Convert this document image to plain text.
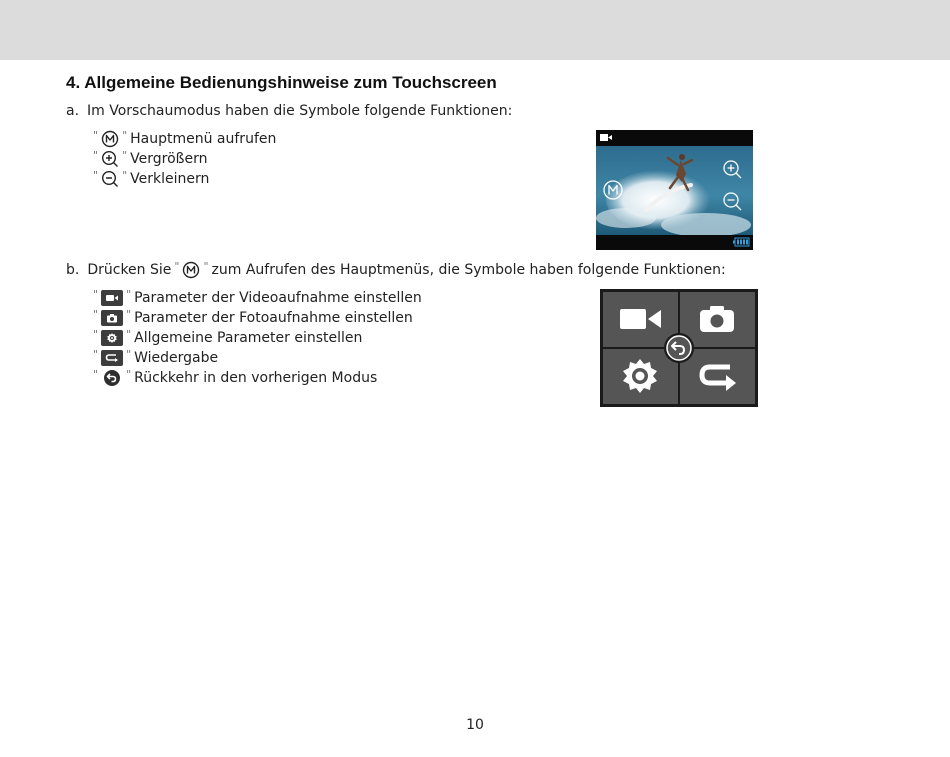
4. Allgemeine Bedienungshinweise zum Touchscreen
a. Im Vorschaumodus haben die Symbole folgende Funktionen:
" " Hauptmenü aufrufen
" " Vergrößern
" " Verkleinern
b. Drücken Sie " " zum Aufrufen des Hauptmenüs, die Symbole haben folgende Funktionen:
"	" Parameter der Videoaufnahme einstellen
"	" Parameter der Fotoaufnahme einstellen
"	" Allgemeine Parameter einstellen
"	" Wiedergabe
"	" Rückkehr in den vorherigen Modus
10
